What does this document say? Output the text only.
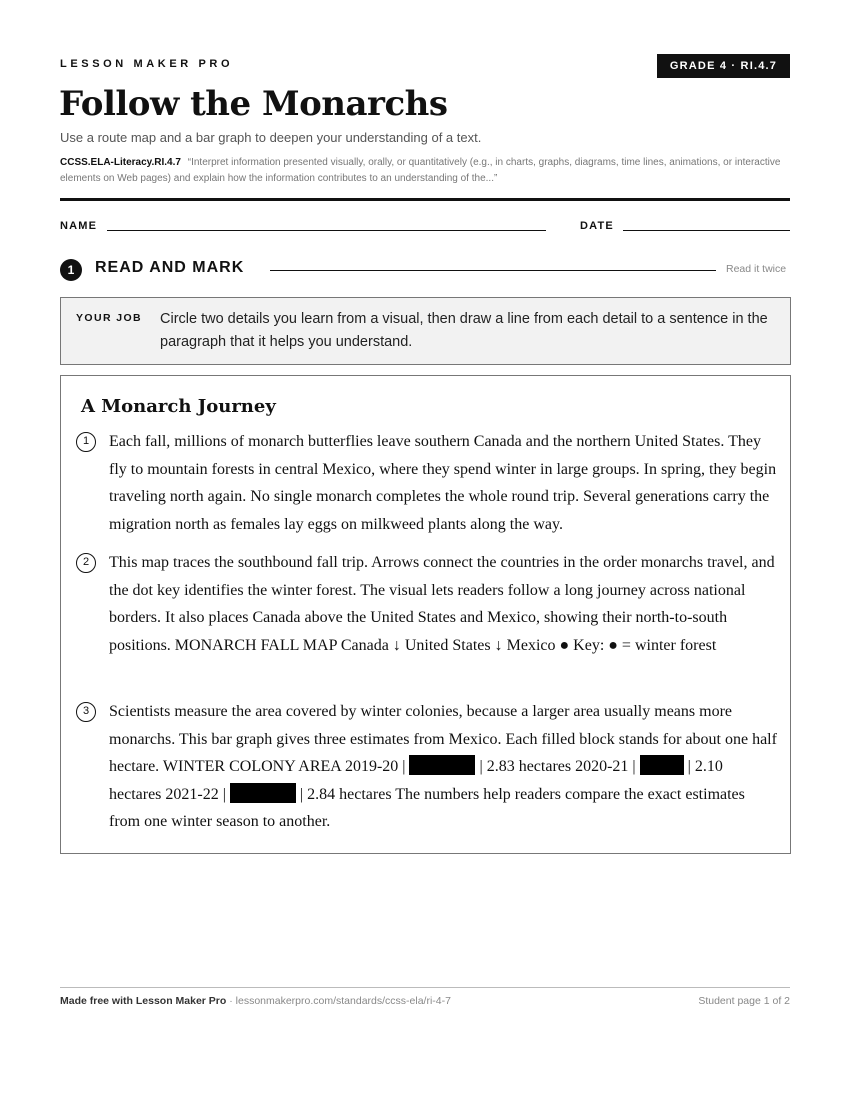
LESSON MAKER PRO	GRADE 4 · RI.4.7
Follow the Monarchs
Use a route map and a bar graph to deepen your understanding of a text.
CCSS.ELA-Literacy.RI.4.7 “Interpret information presented visually, orally, or quantitatively (e.g., in charts, graphs, diagrams, time lines, animations, or interactive elements on Web pages) and explain how the information contributes to an understanding of the...”
NAME	DATE
1	READ AND MARK	Read it twice
YOUR JOB Circle two details you learn from a visual, then draw a line from each detail to a sentence in the paragraph that it helps you understand.
A Monarch Journey
1	Each fall, millions of monarch butterflies leave southern Canada and the northern United States. They fly to mountain forests in central Mexico, where they spend winter in large groups. In spring, they begin traveling north again. No single monarch completes the whole round trip. Several generations carry the migration north as females lay eggs on milkweed plants along the way.

2	This map traces the southbound fall trip. Arrows connect the countries in the order monarchs travel, and the dot key identifies the winter forest. The visual lets readers follow a long journey across national borders. It also places Canada above the United States and Mexico, showing their north-to-south positions. MONARCH FALL MAP Canada ↓ United States ↓ Mexico ● Key: ● = winter forest

3	Scientists measure the area covered by winter colonies, because a larger area usually means more monarchs. This bar graph gives three estimates from Mexico. Each filled block stands for about one half hectare. WINTER COLONY AREA 2019-20 |	| 2.83 hectares 2020-21 |	| 2.10 hectares 2021-22 |	| 2.84 hectares The numbers help readers compare the exact estimates from one winter season to another.

Made free with Lesson Maker Pro · lessonmakerpro.com/standards/ccss-ela/ri-4-7	Student page 1 of 2
